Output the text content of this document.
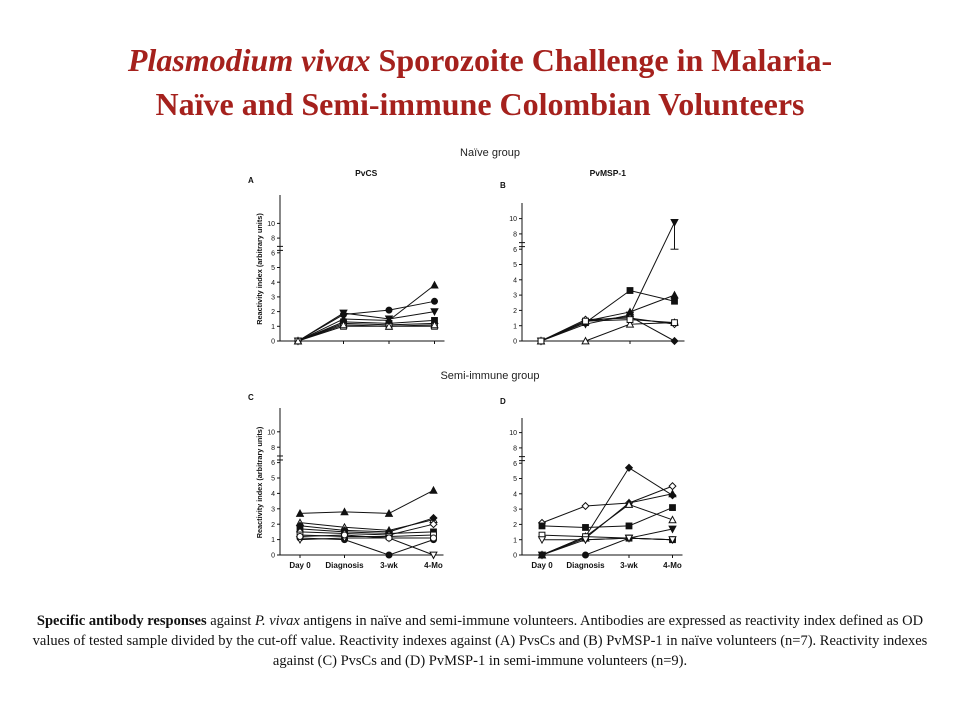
Plasmodium vivax Sporozoite Challenge in Malaria-
Naïve and Semi-immune Colombian Volunteers
Naïve group
Semi-immune group
A
PvCS
0
1
2
3
4
5
6
8
10
Reactivity index (arbitrary units)
B
PvMSP-1
0
1
2
3
4
5
6
8
10
C
0
1
2
3
4
5
6
8
10
Reactivity index (arbitrary units)
Day 0 Diagnosis 3-wk	4-Mo
D
0
1
2
3
4
5
6
8
10
Day 0 Diagnosis 3-wk	4-Mo
Specific antibody responses against P. vivax antigens in naïve and semi-immune volunteers. Antibodies are expressed as reactivity index defined as OD values of tested sample divided by the cut-off value. Reactivity indexes against (A) PvsCs and (B) PvMSP-1 in naïve volunteers (n=7). Reactivity indexes against (C) PvsCs and (D) PvMSP-1 in semi-immune volunteers (n=9).
